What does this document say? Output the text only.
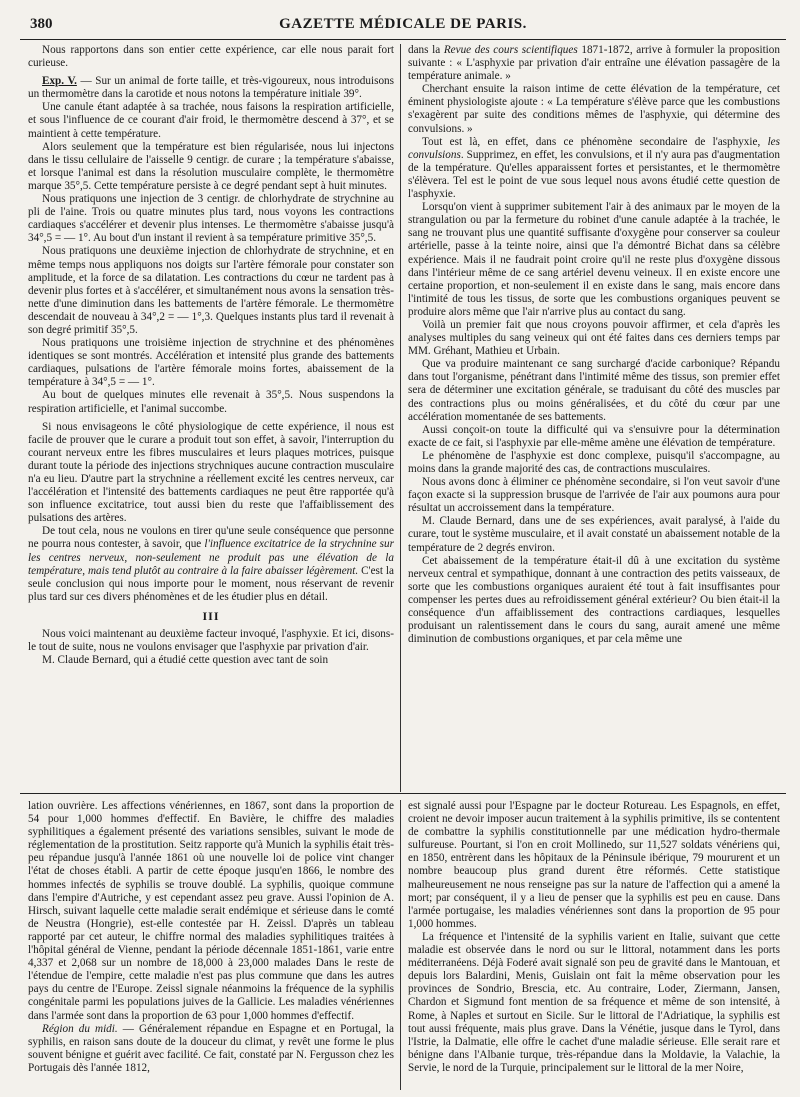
380	GAZETTE MÉDICALE DE PARIS.

Nous rapportons dans son entier cette expérience, car elle nous parait fort curieuse.

Exp. V. — Sur un animal de forte taille, et très-vigoureux, nous introduisons un thermomètre dans la carotide et nous notons la température initiale 39°.

Une canule étant adaptée à sa trachée, nous faisons la respiration artificielle, et sous l'influence de ce courant d'air froid, le thermomètre descend à 37°, et se maintient à cette température.

Alors seulement que la température est bien régularisée, nous lui injectons dans le tissu cellulaire de l'aisselle 9 centigr. de curare ; la température s'abaisse, et lorsque l'animal est dans la résolution musculaire complète, le thermomètre marque 35°,5. Cette température persiste à ce degré pendant sept à huit minutes.

Nous pratiquons une injection de 3 centigr. de chlorhydrate de strychnine au pli de l'aine. Trois ou quatre minutes plus tard, nous voyons les contractions cardiaques s'accélérer et devenir plus intenses. Le thermomètre s'abaisse jusqu'à 34°,5 = — 1°. Au bout d'un instant il revient à sa température primitive 35°,5.

Nous pratiquons une deuxième injection de chlorhydrate de strychnine, et en même temps nous appliquons nos doigts sur l'artère fémorale pour constater son amplitude, et la force de sa dilatation. Les contractions du cœur ne tardent pas à devenir plus fortes et à s'accélérer, et simultanément nous avons la sensation très-nette d'une diminution dans les battements de l'artère fémorale. Le thermomètre descendait de nouveau à 34°,2 = — 1°,3. Quelques instants plus tard il revenait à son degré primitif 35°,5.

Nous pratiquons une troisième injection de strychnine et des phénomènes identiques se sont montrés. Accélération et intensité plus grande des battements cardiaques, pulsations de l'artère fémorale moins fortes, abaissement de la température à 34°,5 = — 1°.

Au bout de quelques minutes elle revenait à 35°,5. Nous suspendons la respiration artificielle, et l'animal succombe.

Si nous envisageons le côté physiologique de cette expérience, il nous est facile de prouver que le curare a produit tout son effet, à savoir, l'interruption du courant nerveux entre les fibres musculaires et leurs plaques motrices, puisque durant toute la période des injections strychniques aucune contraction musculaire n'a eu lieu. D'autre part la strychnine a réellement excité les centres nerveux, car l'accélération et l'intensité des battements cardiaques ne peut être rapportée qu'à son influence excitatrice, tout aussi bien du reste que l'affaiblissement des pulsations des artères.

De tout cela, nous ne voulons en tirer qu'une seule conséquence que personne ne pourra nous contester, à savoir, que l'influence excitatrice de la strychnine sur les centres nerveux, non-seulement ne produit pas une élévation de la température, mais tend plutôt au contraire à la faire abaisser légèrement. C'est la seule conclusion qui nous importe pour le moment, nous réservant de revenir plus tard sur ces divers phénomènes et de les étudier plus en détail.

III

Nous voici maintenant au deuxième facteur invoqué, l'asphyxie. Et ici, disons-le tout de suite, nous ne voulons envisager que l'asphyxie par privation d'air.

M. Claude Bernard, qui a étudié cette question avec tant de soin

dans la Revue des cours scientifiques 1871-1872, arrive à formuler la proposition suivante : « L'asphyxie par privation d'air entraîne une élévation passagère de la température animale. »

Cherchant ensuite la raison intime de cette élévation de la température, cet éminent physiologiste ajoute : « La température s'élève parce que les combustions s'exagèrent par suite des conditions mêmes de l'asphyxie, qui détermine des convulsions. »

Tout est là, en effet, dans ce phénomène secondaire de l'asphyxie, les convulsions. Supprimez, en effet, les convulsions, et il n'y aura pas d'augmentation de la température. Qu'elles apparaissent fortes et persistantes, et le thermomètre s'élèvera. Tel est le point de vue sous lequel nous avons étudié cette question de l'asphyxie.

Lorsqu'on vient à supprimer subitement l'air à des animaux par le moyen de la strangulation ou par la fermeture du robinet d'une canule adaptée à la trachée, le sang ne trouvant plus une quantité suffisante d'oxygène pour conserver sa couleur artérielle, passe à la teinte noire, ainsi que l'a démontré Bichat dans sa célèbre expérience. Mais il ne faudrait point croire qu'il ne reste plus d'oxygène dissous dans l'intérieur même de ce sang artériel devenu veineux. Il en existe encore une certaine proportion, et non-seulement il en existe dans le sang, mais encore dans l'intimité de tous les tissus, de sorte que les combustions organiques peuvent se produire alors même que l'air n'arrive plus au contact du sang.

Voilà un premier fait que nous croyons pouvoir affirmer, et cela d'après les analyses multiples du sang veineux qui ont été faites dans ces derniers temps par MM. Gréhant, Mathieu et Urbain.

Que va produire maintenant ce sang surchargé d'acide carbonique? Répandu dans tout l'organisme, pénétrant dans l'intimité même des tissus, son premier effet sera de déterminer une excitation générale, se traduisant du côté des muscles par des contractions plus ou moins généralisées, et du côté du cœur par une accélération momentanée de ses battements.

Aussi conçoit-on toute la difficulté qui va s'ensuivre pour la détermination exacte de ce fait, si l'asphyxie par elle-même amène une élévation de température.

Le phénomène de l'asphyxie est donc complexe, puisqu'il s'accompagne, au moins dans la grande majorité des cas, de contractions musculaires.

Nous avons donc à éliminer ce phénomène secondaire, si l'on veut savoir d'une façon exacte si la suppression brusque de l'arrivée de l'air aux poumons aura pour résultat un accroissement dans la température.

M. Claude Bernard, dans une de ses expériences, avait paralysé, à l'aide du curare, tout le système musculaire, et il avait constaté un abaissement notable de la température de 2 degrés environ.

Cet abaissement de la température était-il dû à une excitation du système nerveux central et sympathique, donnant à une contraction des petits vaisseaux, de sorte que les combustions organiques auraient été tout à fait insuffisantes pour compenser les pertes dues au refroidissement général extérieur? Ou bien était-il la conséquence d'un affaiblissement des contractions cardiaques, lesquelles produisant un ralentissement dans le cours du sang, aurait amené une même diminution de combustions organiques, et par cela même une

lation ouvrière. Les affections vénériennes, en 1867, sont dans la proportion de 54 pour 1,000 hommes d'effectif. En Bavière, le chiffre des maladies syphilitiques a également présenté des variations sensibles, suivant le mode de réglementation de la prostitution. Seitz rapporte qu'à Munich la syphilis était très-peu répandue jusqu'à l'année 1861 où une nouvelle loi de police vint changer l'état de choses établi. A partir de cette époque jusqu'en 1866, le nombre des hommes infectés de syphilis se trouve doublé. La syphilis, quoique commune dans l'empire d'Autriche, y est cependant assez peu grave. Aussi l'opinion de A. Hirsch, suivant laquelle cette maladie serait endémique et sérieuse dans le comté de Neustra (Hongrie), est-elle contestée par H. Zeissl. D'après un tableau rapporté par cet auteur, le chiffre normal des maladies syphilitiques traitées à l'hôpital général de Vienne, pendant la période décennale 1851-1861, varie entre 4,337 et 2,068 sur un nombre de 18,000 à 23,000 malades Dans le reste de l'étendue de l'empire, cette maladie n'est pas plus commune que dans les autres pays du centre de l'Europe. Zeissl signale néanmoins la fréquence de la syphilis congénitale parmi les populations juives de la Gallicie. Les maladies vénériennes dans l'armée sont dans la proportion de 63 pour 1,000 hommes d'effectif.

Région du midi. — Généralement répandue en Espagne et en Portugal, la syphilis, en raison sans doute de la douceur du climat, y revêt une forme le plus souvent bénigne et guérit avec facilité. Ce fait, constaté par N. Fergusson chez les Portugais dès l'année 1812,

est signalé aussi pour l'Espagne par le docteur Rotureau. Les Espagnols, en effet, croient ne devoir imposer aucun traitement à la syphilis primitive, ils se contentent de combattre la syphilis constitutionnelle par une médication hydro-thermale sulfureuse. Pourtant, si l'on en croit Mollinedo, sur 11,527 soldats vénériens qui, en 1850, entrèrent dans les hôpitaux de la Péninsule ibérique, 79 moururent et un nombre beaucoup plus grand durent être réformés. Cette statistique malheureusement ne nous renseigne pas sur la nature de l'affection qui a amené la mort; par conséquent, il y a lieu de penser que la syphilis est peu en cause. Dans l'armée portugaise, les maladies vénériennes sont dans la proportion de 95 pour 1,000 hommes.

La fréquence et l'intensité de la syphilis varient en Italie, suivant que cette maladie est observée dans le nord ou sur le littoral, notamment dans les ports méditerranéens. Déjà Foderé avait signalé son peu de gravité dans le Mantouan, et depuis lors Balardini, Menis, Guislain ont fait la même observation pour les provinces de Sondrio, Brescia, etc. Au contraire, Loder, Ziermann, Jansen, Chardon et Sigmund font mention de sa fréquence et même de son intensité, à Rome, à Naples et surtout en Sicile. Sur le littoral de l'Adriatique, la syphilis est tout aussi fréquente, mais plus grave. Dans la Vénétie, jusque dans le Tyrol, dans l'Istrie, la Dalmatie, elle offre le cachet d'une maladie sérieuse. Elle serait rare et bénigne dans l'Albanie turque, très-répandue dans la Moldavie, la Valachie, la Servie, le nord de la Turquie, principalement sur le littoral de la mer Noire,
